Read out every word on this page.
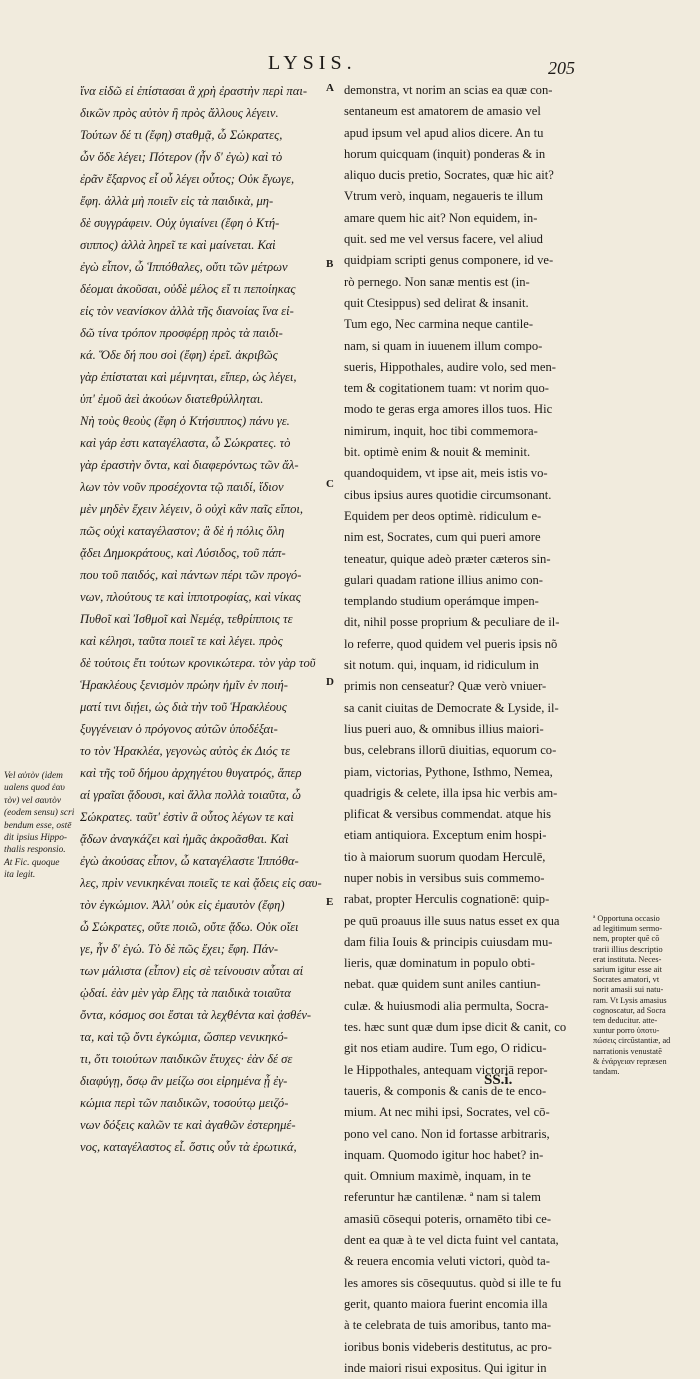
LYSIS.	205
ἵνα εἰδῶ εἰ ἐπίστασαι ἃ χρὴ ἐραστὴν περὶ παι-
δικῶν πρὸς αὐτὸν ἢ πρὸς ἄλλους λέγειν.
Τούτων δέ τι (ἔφη) σταθμᾷ, ὦ Σώκρατες,
ὧν ὅδε λέγει; Πότερον (ἦν δ' ἐγὼ) καὶ τὸ
ἐρᾶν ἔξαρνος εἶ οὗ λέγει οὗτος; Οὐκ ἔγωγε,
ἔφη. ἀλλὰ μὴ ποιεῖν εἰς τὰ παιδικὰ, μη-
δὲ συγγράφειν. Οὐχ ὑγιαίνει (ἔφη ὁ Κτή-
σιππος) ἀλλὰ ληρεῖ τε καὶ μαίνεται. Καὶ
ἐγὼ εἶπον, ὦ Ἱππόθαλες, οὔτι τῶν μέτρων
δέομαι ἀκοῦσαι, οὐδὲ μέλος εἴ τι πεποίηκας
εἰς τὸν νεανίσκον ἀλλὰ τῆς διανοίας ἵνα εἰ-
δῶ τίνα τρόπον προσφέρῃ πρὸς τὰ παιδι-
κά. Ὅδε δή που σοὶ (ἔφη) ἐρεῖ. ἀκριβῶς
γὰρ ἐπίσταται καὶ μέμνηται, εἴπερ, ὡς λέγει,
ὑπ' ἐμοῦ ἀεὶ ἀκούων διατεθρύλληται.
Νὴ τοὺς θεοὺς (ἔφη ὁ Κτήσιππος) πάνυ γε.
καὶ γάρ ἐστι καταγέλαστα, ὦ Σώκρατες. τὸ
γὰρ ἐραστὴν ὄντα, καὶ διαφερόντως τῶν ἄλ-
λων τὸν νοῦν προσέχοντα τῷ παιδί, ἴδιον
μὲν μηδὲν ἔχειν λέγειν, ὃ οὐχὶ κἂν παῖς εἴποι,
πῶς οὐχὶ καταγέλαστον; ἃ δὲ ἡ πόλις ὅλη
ᾄδει Δημοκράτους, καὶ Λύσιδος, τοῦ πάπ-
που τοῦ παιδός, καὶ πάντων πέρι τῶν προγό-
νων, πλούτους τε καὶ ἱπποτροφίας, καὶ νίκας
Πυθοῖ καὶ Ἰσθμοῖ καὶ Νεμέᾳ, τεθρίπποις τε
καὶ κέλησι, ταῦτα ποιεῖ τε καὶ λέγει. πρὸς
δὲ τούτοις ἔτι τούτων κρονικώτερα. τὸν γὰρ τοῦ
Ἡρακλέους ξενισμὸν πρώην ἡμῖν ἐν ποιή-
ματί τινι διῄει, ὡς διὰ τὴν τοῦ Ἡρακλέους
ξυγγένειαν ὁ πρόγονος αὐτῶν ὑποδέξαι-
το τὸν Ἡρακλέα, γεγονὼς αὐτὸς ἐκ Διός τε
καὶ τῆς τοῦ δήμου ἀρχηγέτου θυγατρός, ἅπερ
αἱ γραῖαι ᾄδουσι, καὶ ἄλλα πολλὰ τοιαῦτα, ὦ
Σώκρατες. ταῦτ' ἐστὶν ἃ οὗτος λέγων τε καὶ
ᾄδων ἀναγκάζει καὶ ἡμᾶς ἀκροᾶσθαι. Καὶ
ἐγὼ ἀκούσας εἶπον, ὦ καταγέλαστε Ἱππόθα-
λες, πρὶν νενικηκέναι ποιεῖς τε καὶ ᾄδεις εἰς σαυ-
τὸν ἐγκώμιον. Ἀλλ' οὐκ εἰς ἐμαυτὸν (ἔφη)
ὦ Σώκρατες, οὔτε ποιῶ, οὔτε ᾄδω. Οὐκ οἴει
γε, ἦν δ' ἐγώ. Τὸ δὲ πῶς ἔχει; ἔφη. Πάν-
των μάλιστα (εἶπον) εἰς σὲ τείνουσιν αὗται αἱ
ᾠδαί. ἐὰν μὲν γὰρ ἕλῃς τὰ παιδικὰ τοιαῦτα
ὄντα, κόσμος σοι ἔσται τὰ λεχθέντα καὶ ᾀσθέν-
τα, καὶ τῷ ὄντι ἐγκώμια, ὥσπερ νενικηκό-
τι, ὅτι τοιούτων παιδικῶν ἔτυχες· ἐὰν δέ σε
διαφύγῃ, ὅσῳ ἂν μείζω σοι εἰρημένα ᾖ ἐγ-
κώμια περὶ τῶν παιδικῶν, τοσούτῳ μειζό-
νων δόξεις καλῶν τε καὶ ἀγαθῶν ἐστερημέ-
νος, καταγέλαστος εἶ. ὅστις οὖν τὰ ἐρωτικά,
A
B
C
D
E
demonstra, vt norim an scias ea quæ con-
sentaneum est amatorem de amasio vel
apud ipsum vel apud alios dicere. An tu
horum quicquam (inquit) ponderas & in
aliquo ducis pretio, Socrates, quæ hic ait?
Vtrum verò, inquam, negaueris te illum
amare quem hic ait? Non equidem, in-
quit. sed me vel versus facere, vel aliud
quidpiam scripti genus componere, id ve-
rò pernego. Non sanæ mentis est (in-
quit Ctesippus) sed delirat & insanit.
Tum ego, Nec carmina neque cantile-
nam, si quam in iuuenem illum compo-
sueris, Hippothales, audire volo, sed men-
tem & cogitationem tuam: vt norim quo-
modo te geras erga amores illos tuos. Hic
nimirum, inquit, hoc tibi commemora-
bit. optimè enim & nouit & meminit.
quandoquidem, vt ipse ait, meis istis vo-
cibus ipsius aures quotidie circumsonant.
Equidem per deos optimè. ridiculum e-
nim est, Socrates, cum qui pueri amore
teneatur, quique adeò præter cæteros sin-
gulari quadam ratione illius animo con-
templando studium operámque impen-
dit, nihil posse proprium & peculiare de il-
lo referre, quod quidem vel pueris ipsis nõ
sit notum. qui, inquam, id ridiculum in
primis non censeatur? Quæ verò vniuer-
sa canit ciuitas de Democrate & Lyside, il-
lius pueri auo, & omnibus illius maiori-
bus, celebrans illorū diuitias, equorum co-
piam, victorias, Pythone, Isthmo, Nemea,
quadrigis & celete, illa ipsa hic verbis am-
plificat & versibus commendat. atque his
etiam antiquiora. Exceptum enim hospi-
tio à maiorum suorum quodam Herculē,
nuper nobis in versibus suis commemo-
rabat, propter Herculis cognationē: quip-
pe quū proauus ille suus natus esset ex qua
dam filia Iouis & principis cuiusdam mu-
lieris, quæ dominatum in populo obti-
nebat. quæ quidem sunt aniles cantiun-
culæ. & huiusmodi alia permulta, Socra-
tes. hæc sunt quæ dum ipse dicit & canit, co
git nos etiam audire. Tum ego, O ridicu-
le Hippothales, antequam victoriā repor-
taueris, & componis & canis de te enco-
mium. At nec mihi ipsi, Socrates, vel cō-
pono vel cano. Non id fortasse arbitraris,
inquam. Quomodo igitur hoc habet? in-
quit. Omnium maximè, inquam, in te
referuntur hæ cantilenæ. ª nam si talem
amasiū cōsequi poteris, ornamēto tibi ce-
dent ea quæ à te vel dicta fuint vel cantata,
& reuera encomia veluti victori, quòd ta-
les amores sis cōsequutus. quòd si ille te fu
gerit, quanto maiora fuerint encomia illa
à te celebrata de tuis amoribus, tanto ma-
ioribus bonis videberis destitutus, ac pro-
inde maiori risui expositus. Qui igitur in
Vel αὐτὸν (idem
ualens quod ἐαυ
τὸν) vel σαυτὸν
(eodem sensu) scri
bendum esse, ostē
dit ipsius Hippo-
thalis responsio.
At Fic. quoque
ita legit.
ª Opportuna occasio
ad legitimum sermo-
nem, propter quē cō
trarii illius descriptio
erat instituta. Neces-
sarium igitur esse ait
Socrates amatori, vt
norit amasii sui natu-
ram. Vt Lysis amasius
cognoscatur, ad Socra
tem deducitur. atte-
xuntur porro ὑποτυ-
πώσεις circūstantiæ, ad
narrationis venustatē
& ἐνάργειαν repræsen
tandam.
SS.i.
